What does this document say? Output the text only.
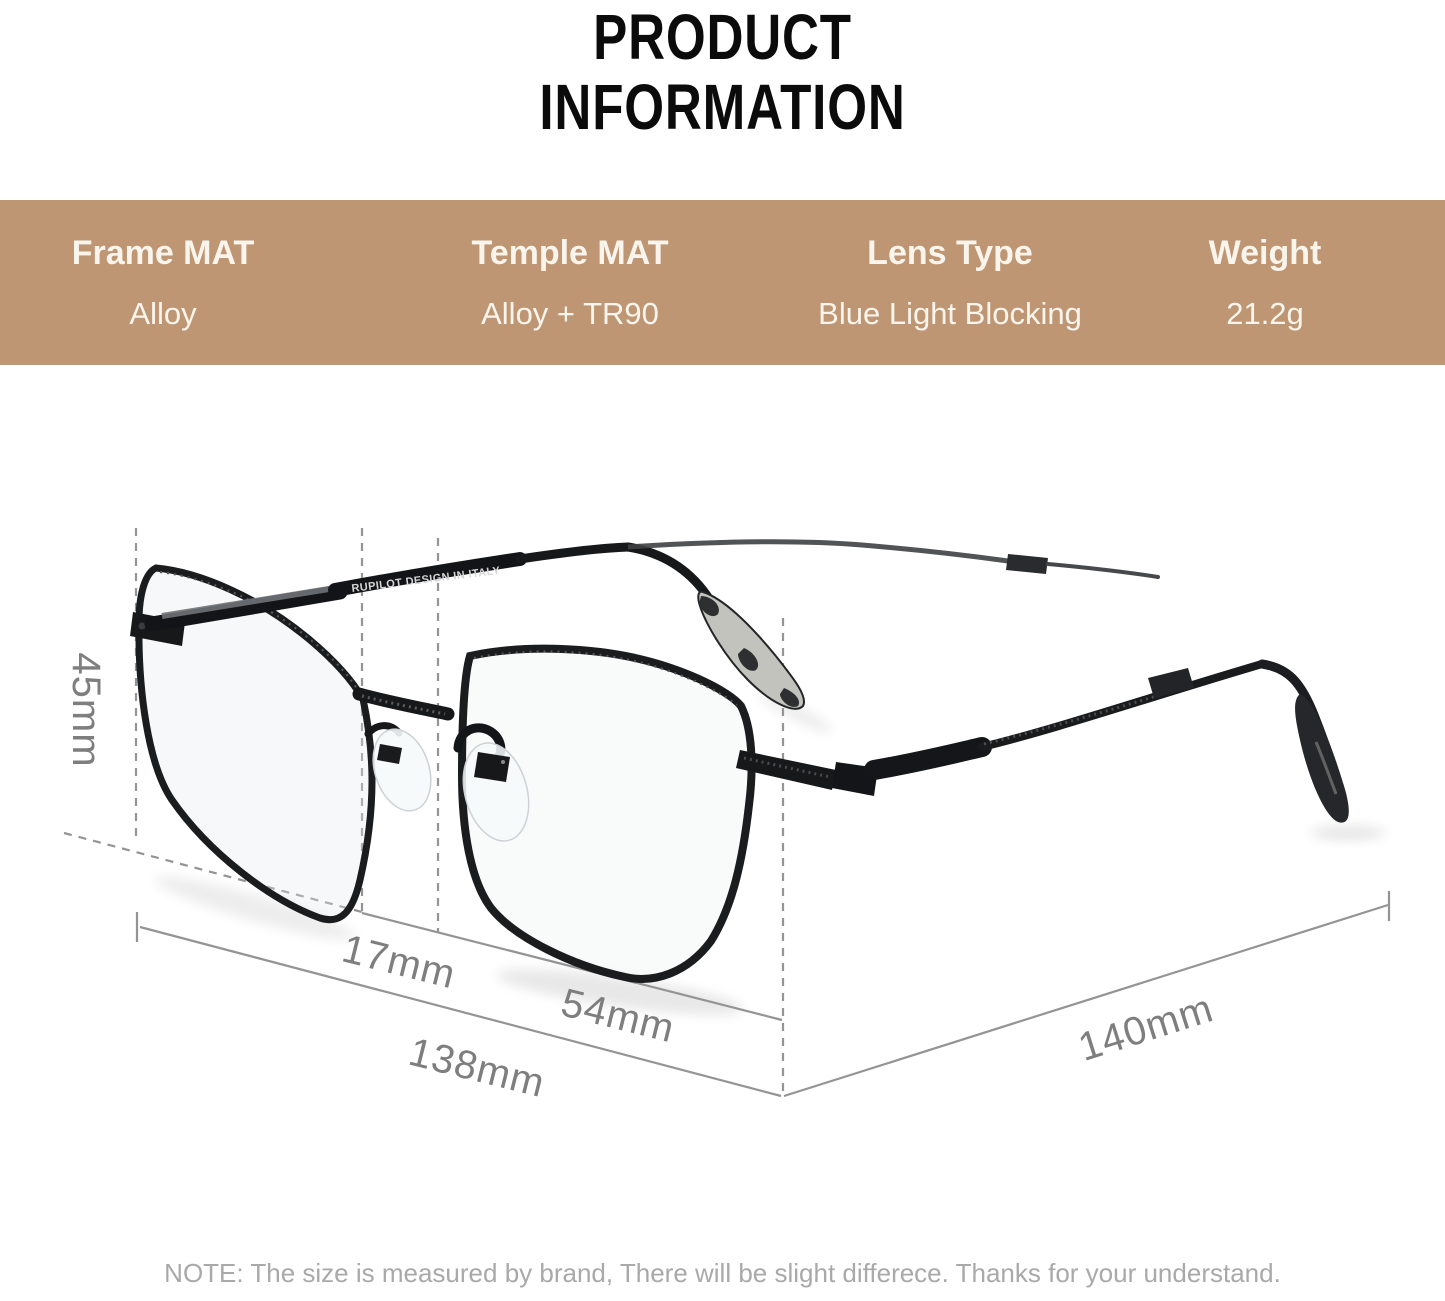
PRODUCT
INFORMATION
Frame MAT
Alloy
Temple MAT
Alloy + TR90
Lens Type
Blue Light Blocking
Weight
21.2g
RUPILOT DESIGN IN ITALY
45mm
17mm
54mm
138mm	140mm
NOTE: The size is measured by brand, There will be slight differece. Thanks for your understand.
